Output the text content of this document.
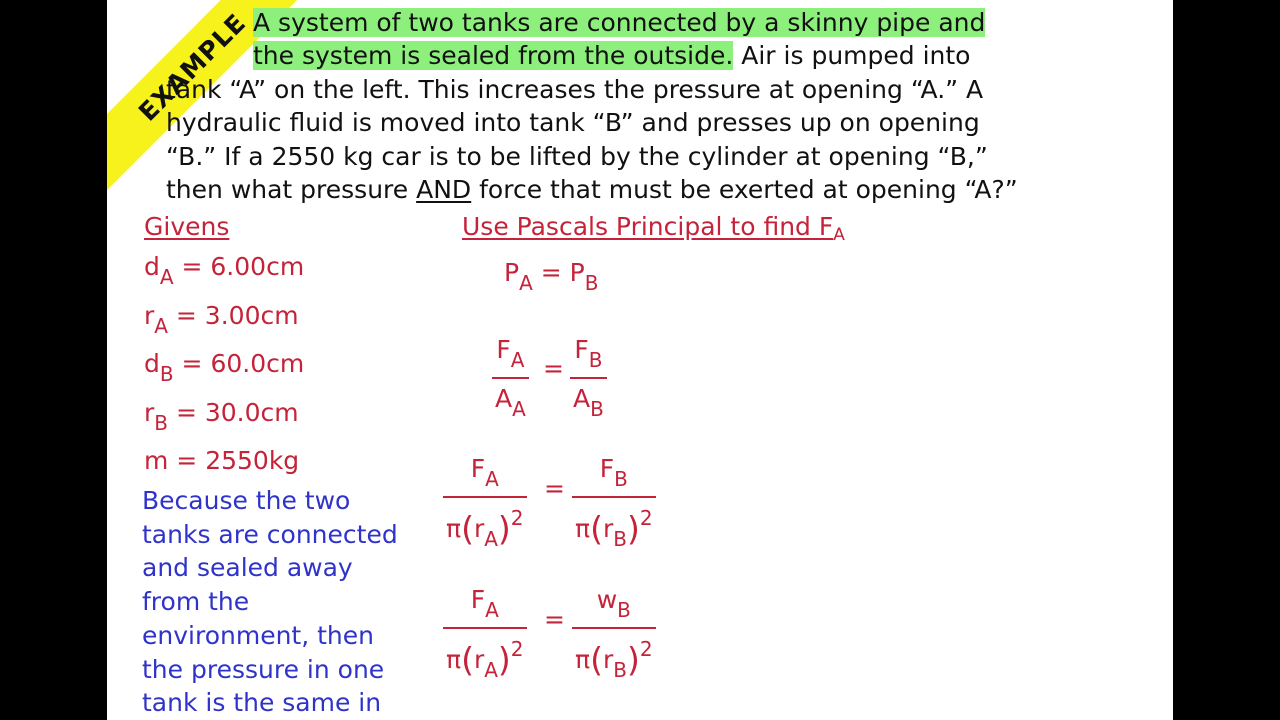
EXAMPLE A system of two tanks are connected by a skinny pipe and
the system is sealed from the outside. Air is pumped into
tank “A” on the left. This increases the pressure at opening “A.” A
hydraulic fluid is moved into tank “B” and presses up on opening
“B.” If a 2550 kg car is to be lifted by the cylinder at opening “B,”
then what pressure AND force that must be exerted at opening “A?”
Givens
$d_A = 6.00cm$
$r_A = 3.00cm$
$d_B = 60.0cm$
$r_B = 30.0cm$
m = 2550kg
Because the two
tanks are connected
and sealed away
from the
environment, then
the pressure in one
tank is the same in
Use Pascals Principal to find $F_A$
$P_A = P_B$
$\frac{F_A}{A_A} = \frac{F_B}{A_B}$
$\frac{F_A}{\pi(r_A)^2} = \frac{F_B}{\pi(r_B)^2}$
$\frac{F_A}{\pi(r_A)^2} = \frac{w_B}{\pi(r_B)^2}$
